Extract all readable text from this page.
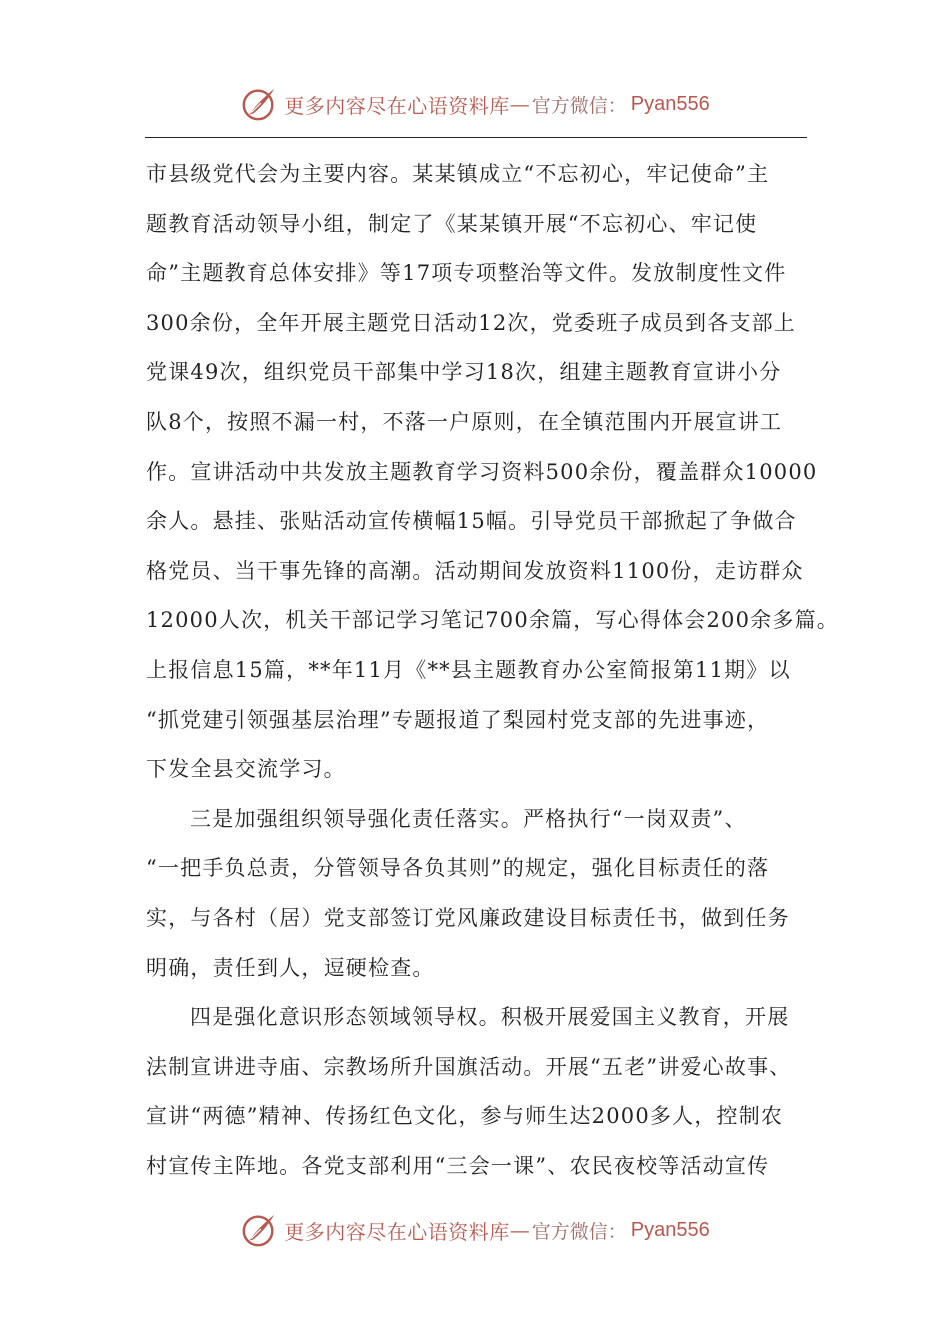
更多内容尽在心语资料库 — 官方微信： Pyan556
市县级党代会为主要内容。某某镇成立“不忘初心，牢记使命”主
题教育活动领导小组，制定了《某某镇开展“不忘初心、牢记使
命”主题教育总体安排》等17项专项整治等文件。发放制度性文件
300余份，全年开展主题党日活动12次，党委班子成员到各支部上
党课49次，组织党员干部集中学习18次，组建主题教育宣讲小分
队8个，按照不漏一村，不落一户原则，在全镇范围内开展宣讲工
作。宣讲活动中共发放主题教育学习资料500余份，覆盖群众10000
余人。悬挂、张贴活动宣传横幅15幅。引导党员干部掀起了争做合
格党员、当干事先锋的高潮。活动期间发放资料1100份，走访群众
12000人次，机关干部记学习笔记700余篇，写心得体会200余多篇。
上报信息15篇，**年11月《**县主题教育办公室简报第11期》以
“抓党建引领强基层治理”专题报道了梨园村党支部的先进事迹，
下发全县交流学习。
三是加强组织领导强化责任落实。严格执行“一岗双责”、
“一把手负总责，分管领导各负其则”的规定，强化目标责任的落
实，与各村（居）党支部签订党风廉政建设目标责任书，做到任务
明确，责任到人，逗硬检查。
四是强化意识形态领域领导权。积极开展爱国主义教育，开展
法制宣讲进寺庙、宗教场所升国旗活动。开展“五老”讲爱心故事、
宣讲“两德”精神、传扬红色文化，参与师生达2000多人，控制农
村宣传主阵地。各党支部利用“三会一课”、农民夜校等活动宣传
更多内容尽在心语资料库 — 官方微信： Pyan556
